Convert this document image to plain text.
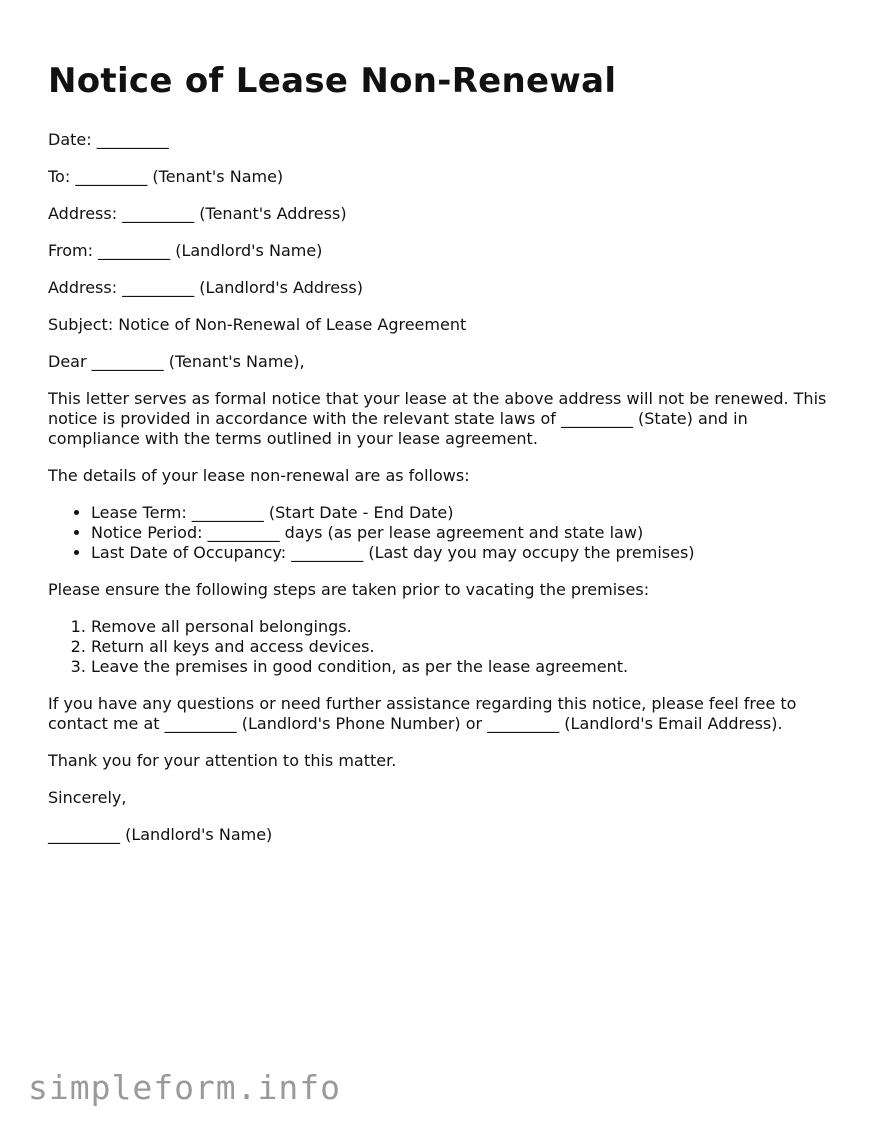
Notice of Lease Non-Renewal

Date: _________

To: _________ (Tenant's Name)

Address: _________ (Tenant's Address)

From: _________ (Landlord's Name)

Address: _________ (Landlord's Address)

Subject: Notice of Non-Renewal of Lease Agreement

Dear _________ (Tenant's Name),

This letter serves as formal notice that your lease at the above address will not be renewed. This notice is provided in accordance with the relevant state laws of _________ (State) and in compliance with the terms outlined in your lease agreement.

The details of your lease non-renewal are as follows:

• Lease Term: _________ (Start Date - End Date)
• Notice Period: _________ days (as per lease agreement and state law)
• Last Date of Occupancy: _________ (Last day you may occupy the premises)

Please ensure the following steps are taken prior to vacating the premises:

1. Remove all personal belongings.
2. Return all keys and access devices.
3. Leave the premises in good condition, as per the lease agreement.

If you have any questions or need further assistance regarding this notice, please feel free to contact me at _________ (Landlord's Phone Number) or _________ (Landlord's Email Address).

Thank you for your attention to this matter.

Sincerely,

_________ (Landlord's Name)

simpleform.info
